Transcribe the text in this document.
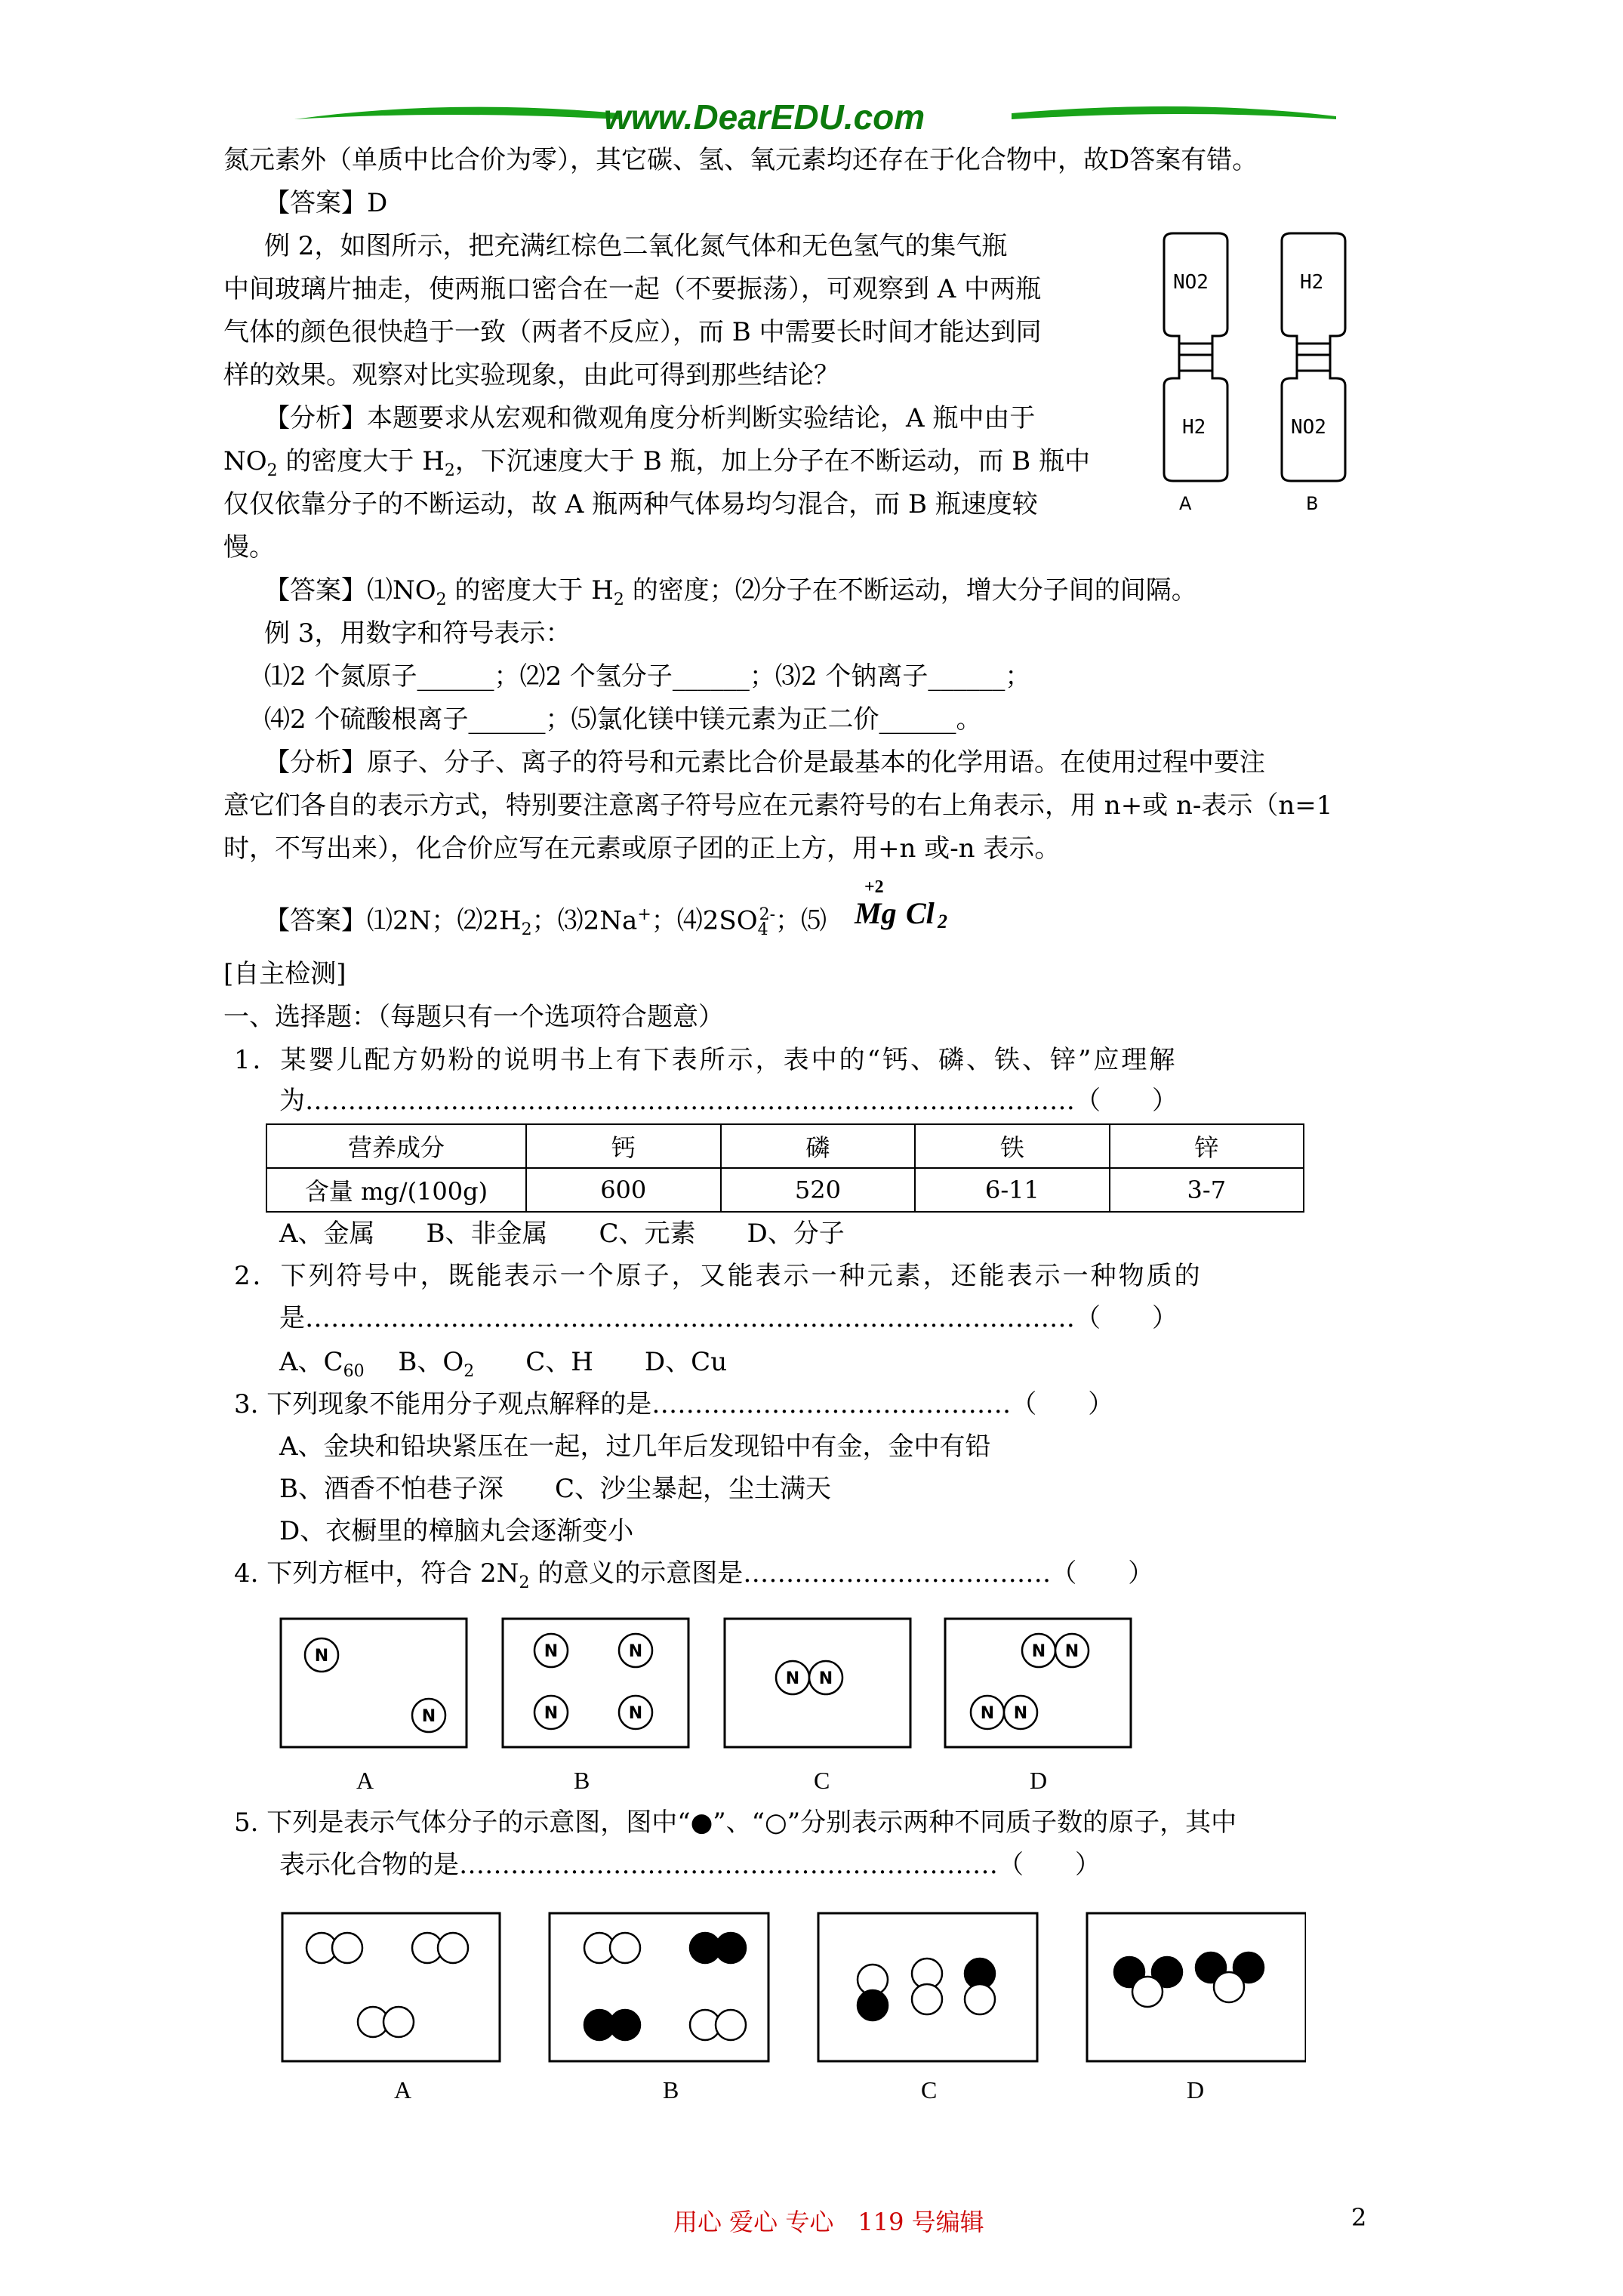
www.DearEDU.com
氮元素外（单质中比合价为零），其它碳、氢、氧元素均还存在于化合物中，故D答案有错。
【答案】D
例 2，如图所示，把充满红棕色二氧化氮气体和无色氢气的集气瓶
中间玻璃片抽走，使两瓶口密合在一起（不要振荡），可观察到 A 中两瓶
气体的颜色很快趋于一致（两者不反应），而 B 中需要长时间才能达到同
样的效果。观察对比实验现象，由此可得到那些结论？
【分析】本题要求从宏观和微观角度分析判断实验结论，A 瓶中由于
$NO_2$ 的密度大于 $H_2$，下沉速度大于 B 瓶，加上分子在不断运动，而 B 瓶中
仅仅依靠分子的不断运动，故 A 瓶两种气体易均匀混合，而 B 瓶速度较
慢。
NO2
H2
H2
NO2
A	B
【答案】$⑴NO_2$ 的密度大于 $H_2$ 的密度；⑵分子在不断运动，增大分子间的间隔。
例 3，用数字和符号表示：
⑴2 个氮原子______；⑵2 个氢分子______；⑶2 个钠离子______；
⑷2 个硫酸根离子______；⑸氯化镁中镁元素为正二价______。
【分析】原子、分子、离子的符号和元素比合价是最基本的化学用语。在使用过程中要注
意它们各自的表示方式，特别要注意离子符号应在元素符号的右上角表示，用 n+或 n-表示（n=1
时，不写出来），化合价应写在元素或原子团的正上方，用+n 或-n 表示。
【答案】⑴2N；$⑵2H_2$；⑶2Na+；$⑷2SO_4^{2-}$；⑸
+2
Mg Cl 2
[自主检测]
一、选择题：（每题只有一个选项符合题意）
1．某婴儿配方奶粉的说明书上有下表所示，表中的“钙、磷、铁、锌”应理解
为………………………………………………………………………………（　　）
营养成分	钙	磷	铁	锌
含量 mg/(100g)	600	520	6-11	3-7
A、金属　　B、非金属　　C、元素　　D、分子
2．下列符号中，既能表示一个原子，又能表示一种元素，还能表示一种物质的
是………………………………………………………………………………（　　）
A、$C_{60}$　 B、$O_2$　　C、H　　D、Cu
3. 下列现象不能用分子观点解释的是……………………………………（　　）
A、金块和铅块紧压在一起，过几年后发现铅中有金，金中有铅
B、酒香不怕巷子深　　C、沙尘暴起，尘土满天
D、衣橱里的樟脑丸会逐渐变小
4. 下列方框中，符合 $2N_2$ 的意义的示意图是………………………………（　　）
N
N
N	N
N	N
N N
N N
N N
A	B	C	D
5. 下列是表示气体分子的示意图，图中“●”、“○”分别表示两种不同质子数的原子，其中
表示化合物的是………………………………………………………（　　）
A	B	C	D
用心 爱心 专心　119 号编辑	2
